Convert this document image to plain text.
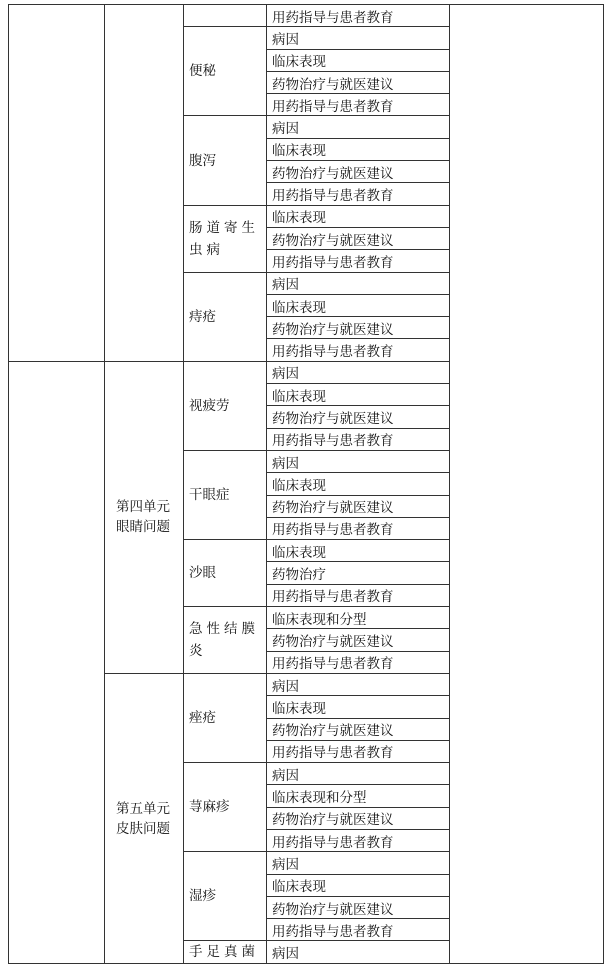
			用药指导与患者教育	
		便秘	病因	
			临床表现	
			药物治疗与就医建议	
			用药指导与患者教育	
		腹泻	病因	
			临床表现	
			药物治疗与就医建议	
			用药指导与患者教育	
		肠道寄生虫病	临床表现	
			药物治疗与就医建议	
			用药指导与患者教育	
		痔疮	病因	
			临床表现	
			药物治疗与就医建议	
			用药指导与患者教育	
	第四单元眼睛问题	视疲劳	病因	
			临床表现	
			药物治疗与就医建议	
			用药指导与患者教育	
		干眼症	病因	
			临床表现	
			药物治疗与就医建议	
			用药指导与患者教育	
		沙眼	临床表现	
			药物治疗	
			用药指导与患者教育	
		急性结膜炎	临床表现和分型	
			药物治疗与就医建议	
			用药指导与患者教育	
	第五单元皮肤问题	痤疮	病因	
			临床表现	
			药物治疗与就医建议	
			用药指导与患者教育	
		荨麻疹	病因	
			临床表现和分型	
			药物治疗与就医建议	
			用药指导与患者教育	
		湿疹	病因	
			临床表现	
			药物治疗与就医建议	
			用药指导与患者教育	
		手足真菌	病因	
